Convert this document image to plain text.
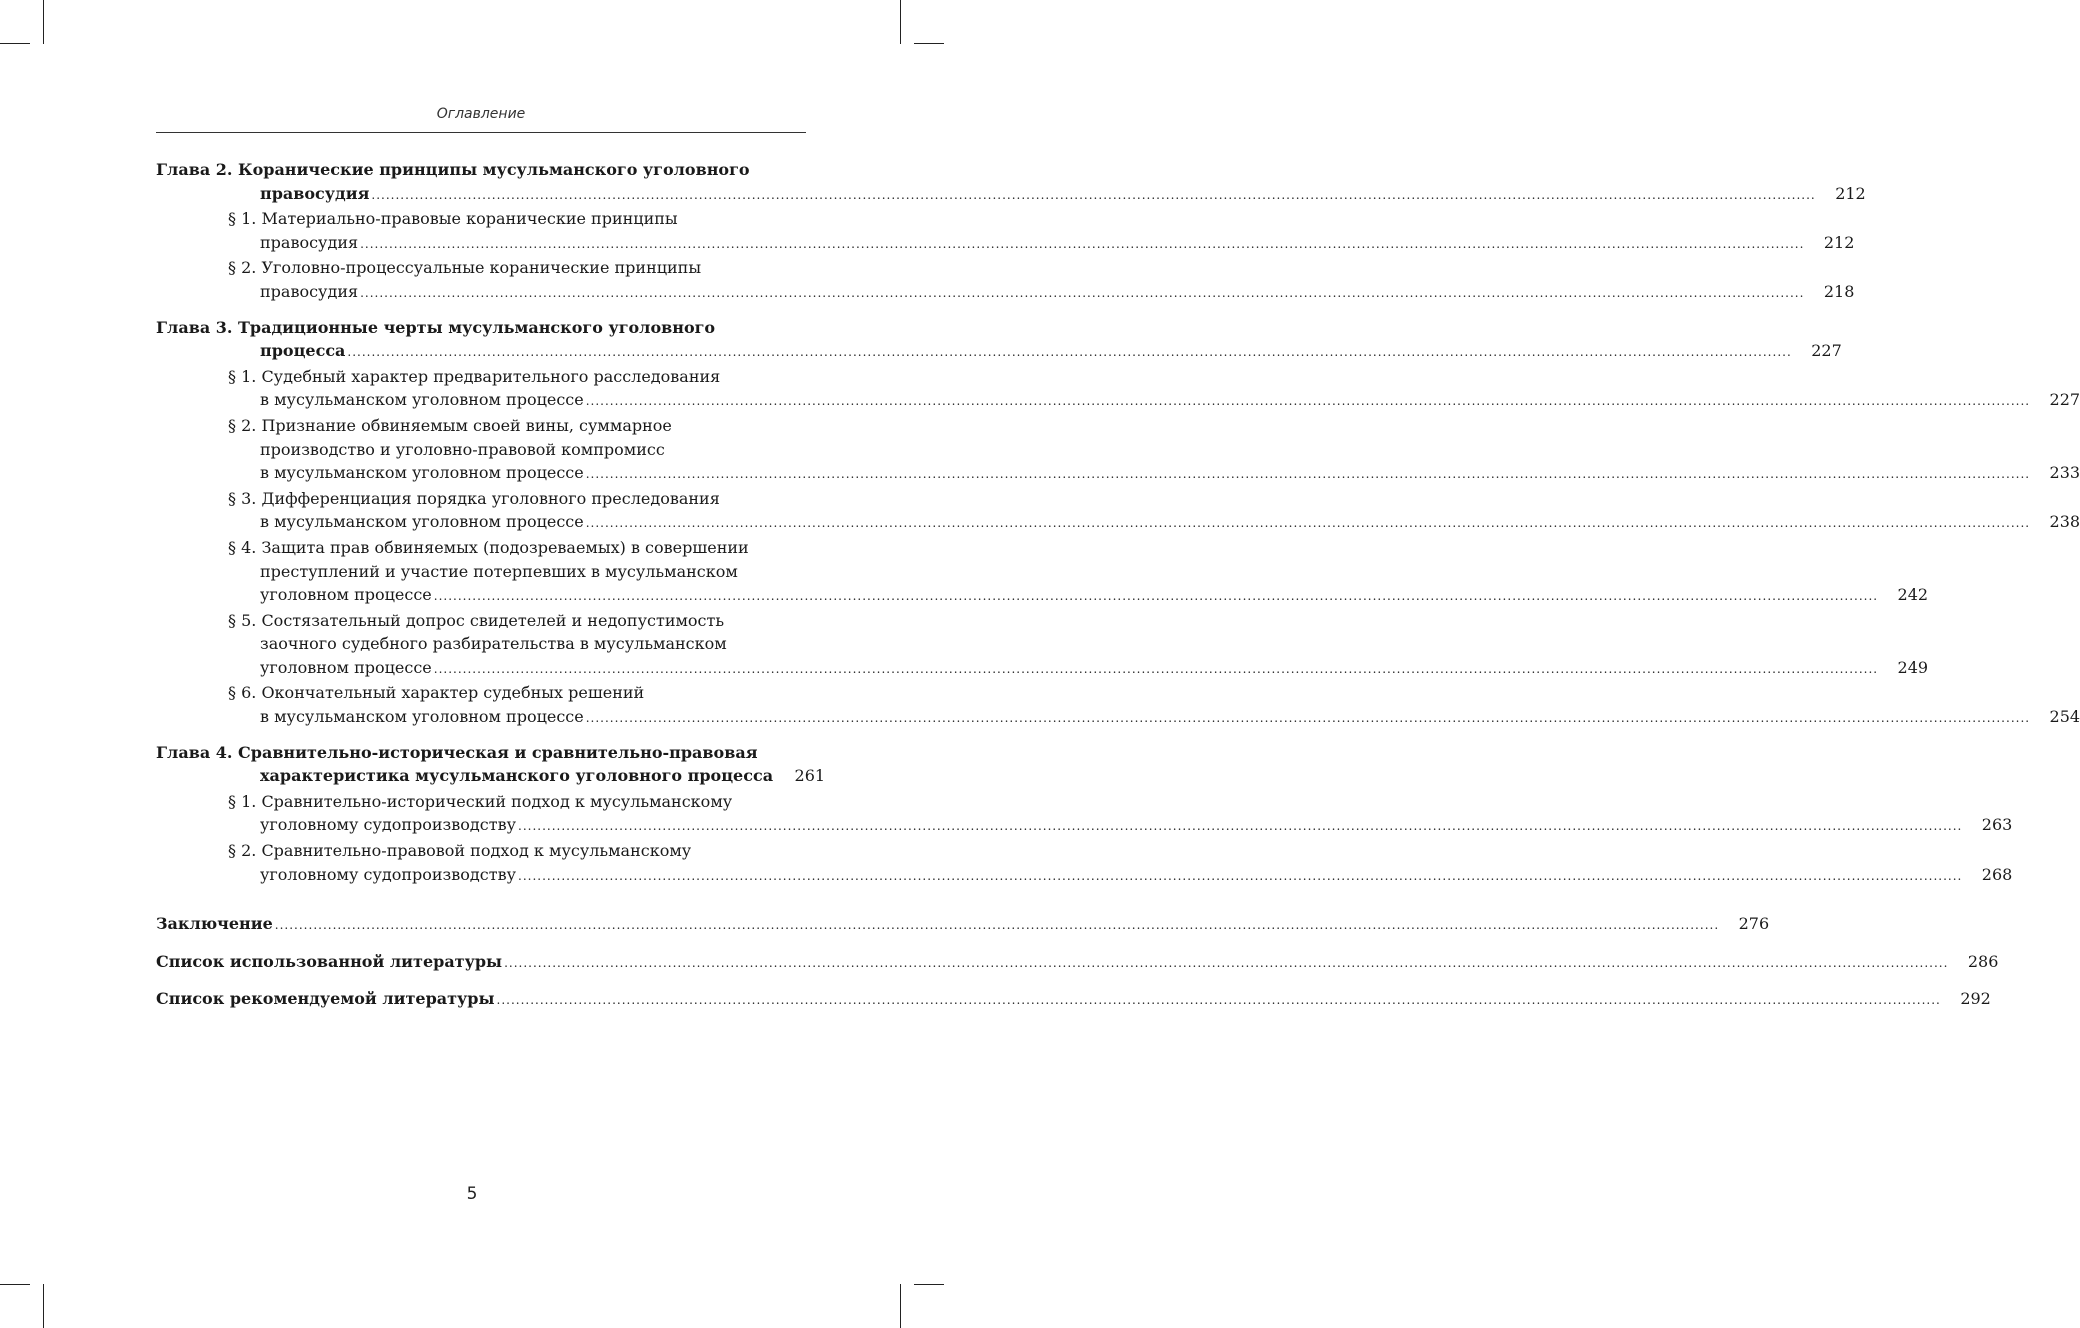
Оглавление
Глава 2. Коранические принципы мусульманского уголовного
правосудия ............................................................................................................................................................................................................................................................................................................	212
§ 1. Материально-правовые коранические принципы
правосудия ............................................................................................................................................................................................................................................................................................................	212
§ 2. Уголовно-процессуальные коранические принципы
правосудия ............................................................................................................................................................................................................................................................................................................	218
Глава 3. Традиционные черты мусульманского уголовного
процесса ............................................................................................................................................................................................................................................................................................................	227
§ 1. Судебный характер предварительного расследования
в мусульманском уголовном процессе ............................................................................................................................................................................................................................................................................................................	227
§ 2. Признание обвиняемым своей вины, суммарное
производство и уголовно-правовой компромисс
в мусульманском уголовном процессе ............................................................................................................................................................................................................................................................................................................	233
§ 3. Дифференциация порядка уголовного преследования
в мусульманском уголовном процессе ............................................................................................................................................................................................................................................................................................................	238
§ 4. Защита прав обвиняемых (подозреваемых) в совершении
преступлений и участие потерпевших в мусульманском
уголовном процессе ............................................................................................................................................................................................................................................................................................................	242
§ 5. Состязательный допрос свидетелей и недопустимость
заочного судебного разбирательства в мусульманском
уголовном процессе ............................................................................................................................................................................................................................................................................................................	249
§ 6. Окончательный характер судебных решений
в мусульманском уголовном процессе ............................................................................................................................................................................................................................................................................................................	254
Глава 4. Сравнительно-историческая и сравнительно-правовая
характеристика мусульманского уголовного процесса	261
§ 1. Сравнительно-исторический подход к мусульманскому
уголовному судопроизводству ............................................................................................................................................................................................................................................................................................................	263
§ 2. Сравнительно-правовой подход к мусульманскому
уголовному судопроизводству ............................................................................................................................................................................................................................................................................................................	268
Заключение ............................................................................................................................................................................................................................................................................................................	276
Список использованной литературы ............................................................................................................................................................................................................................................................................................................	286
Список рекомендуемой литературы ............................................................................................................................................................................................................................................................................................................	292
5
